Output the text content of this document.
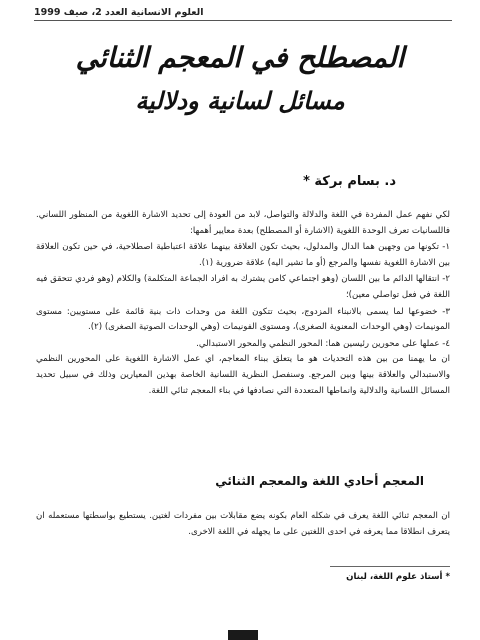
العلوم الانسانية العدد 2، صيف 1999
المصطلح في المعجم الثنائي
مسائل لسانية ودلالية
د. بسام بركة *

لكي نفهم عمل المفردة في اللغة والدلالة والتواصل، لابد من العودة إلى تحديد الاشارة اللغوية من المنظور اللساني. فاللسانيات تعرف الوحدة اللغوية (الاشارة أو المصطلح) بعدة معايير أهمها:

١- تكونها من وجهين هما الدال والمدلول، بحيث تكون العلاقة بينهما علاقة اعتباطية اصطلاحية، في حين تكون العلاقة بين الاشارة اللغوية نفسها والمرجع (أو ما تشير اليه) علاقة ضرورية (١).

٢- انتقالها الدائم ما بين اللسان (وهو اجتماعي كامن يشترك به افراد الجماعة المتكلمة) والكلام (وهو فردي تتحقق فيه اللغة في فعل تواصلي معين)؛

٣- خضوعها لما يسمى بالانبناء المزدوج، بحيث تتكون اللغة من وحدات ذات بنية قائمة على مستويين: مستوى المونيمات (وهي الوحدات المعنوية الصغرى)، ومستوى الفونيمات (وهي الوحدات الصوتية الصغرى) (٢).

٤- عملها على محورين رئيسين هما: المحور النظمي والمحور الاستبدالي.

ان ما يهمنا من بين هذه التحديات هو ما يتعلق ببناء المعاجم، اي عمل الاشارة اللغوية على المحورين النظمي والاستبدالي والعلاقة بينها وبين المرجع. وسنفصل النظرية اللسانية الخاصة بهذين المعيارين وذلك في سبيل تحديد المسائل اللسانية والدلالية وانماطها المتعددة التي نصادفها في بناء المعجم ثنائي اللغة.

المعجم أحادي اللغة والمعجم الثنائي

ان المعجم ثنائي اللغة يعرف في شكله العام بكونه يضع مقابلات بين مفردات لغتين. يستطيع بواسطتها مستعمله ان يتعرف انطلاقا مما يعرفه في احدى اللغتين على ما يجهله في اللغة الاخرى.

* أستاذ علوم اللغة، لبنان
